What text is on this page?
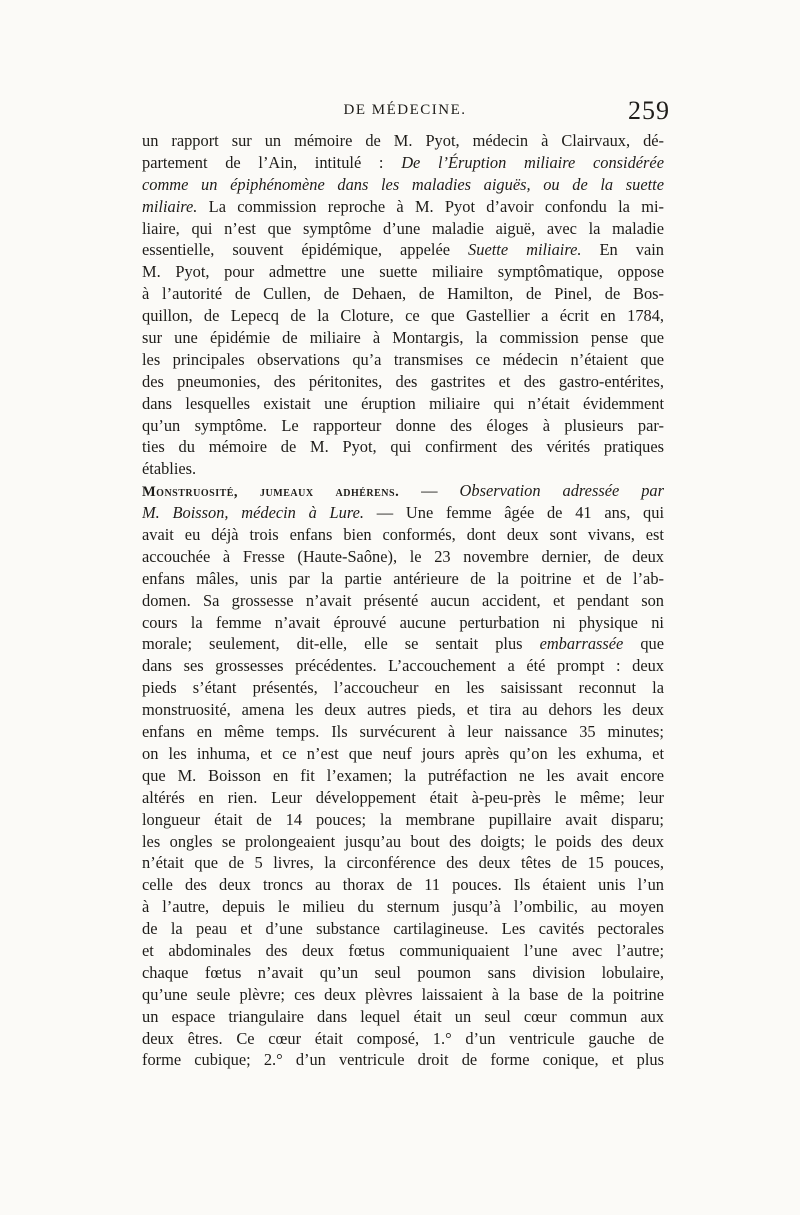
DE MÉDECINE.	259
un rapport sur un mémoire de M. Pyot, médecin à Clairvaux, dé-
partement de l’Ain, intitulé : De l’Éruption miliaire considérée
comme un épiphénomène dans les maladies aiguës, ou de la suette
miliaire. La commission reproche à M. Pyot d’avoir confondu la mi-
liaire, qui n’est que symptôme d’une maladie aiguë, avec la maladie
essentielle, souvent épidémique, appelée Suette miliaire. En vain
M. Pyot, pour admettre une suette miliaire symptômatique, oppose
à l’autorité de Cullen, de Dehaen, de Hamilton, de Pinel, de Bos-
quillon, de Lepecq de la Cloture, ce que Gastellier a écrit en 1784,
sur une épidémie de miliaire à Montargis, la commission pense que
les principales observations qu’a transmises ce médecin n’étaient que
des pneumonies, des péritonites, des gastrites et des gastro-entérites,
dans lesquelles existait une éruption miliaire qui n’était évidemment
qu’un symptôme. Le rapporteur donne des éloges à plusieurs par-
ties du mémoire de M. Pyot, qui confirment des vérités pratiques
établies.
Monstruosité, jumeaux adhérens. — Observation adressée par
M. Boisson, médecin à Lure. — Une femme âgée de 41 ans, qui
avait eu déjà trois enfans bien conformés, dont deux sont vivans, est
accouchée à Fresse (Haute-Saône), le 23 novembre dernier, de deux
enfans mâles, unis par la partie antérieure de la poitrine et de l’ab-
domen. Sa grossesse n’avait présenté aucun accident, et pendant son
cours la femme n’avait éprouvé aucune perturbation ni physique ni
morale; seulement, dit-elle, elle se sentait plus embarrassée que
dans ses grossesses précédentes. L’accouchement a été prompt : deux
pieds s’étant présentés, l’accoucheur en les saisissant reconnut la
monstruosité, amena les deux autres pieds, et tira au dehors les deux
enfans en même temps. Ils survécurent à leur naissance 35 minutes;
on les inhuma, et ce n’est que neuf jours après qu’on les exhuma, et
que M. Boisson en fit l’examen; la putréfaction ne les avait encore
altérés en rien. Leur développement était à-peu-près le même; leur
longueur était de 14 pouces; la membrane pupillaire avait disparu;
les ongles se prolongeaient jusqu’au bout des doigts; le poids des deux
n’était que de 5 livres, la circonférence des deux têtes de 15 pouces,
celle des deux troncs au thorax de 11 pouces. Ils étaient unis l’un
à l’autre, depuis le milieu du sternum jusqu’à l’ombilic, au moyen
de la peau et d’une substance cartilagineuse. Les cavités pectorales
et abdominales des deux fœtus communiquaient l’une avec l’autre;
chaque fœtus n’avait qu’un seul poumon sans division lobulaire,
qu’une seule plèvre; ces deux plèvres laissaient à la base de la poitrine
un espace triangulaire dans lequel était un seul cœur commun aux
deux êtres. Ce cœur était composé, 1.° d’un ventricule gauche de
forme cubique; 2.° d’un ventricule droit de forme conique, et plus
